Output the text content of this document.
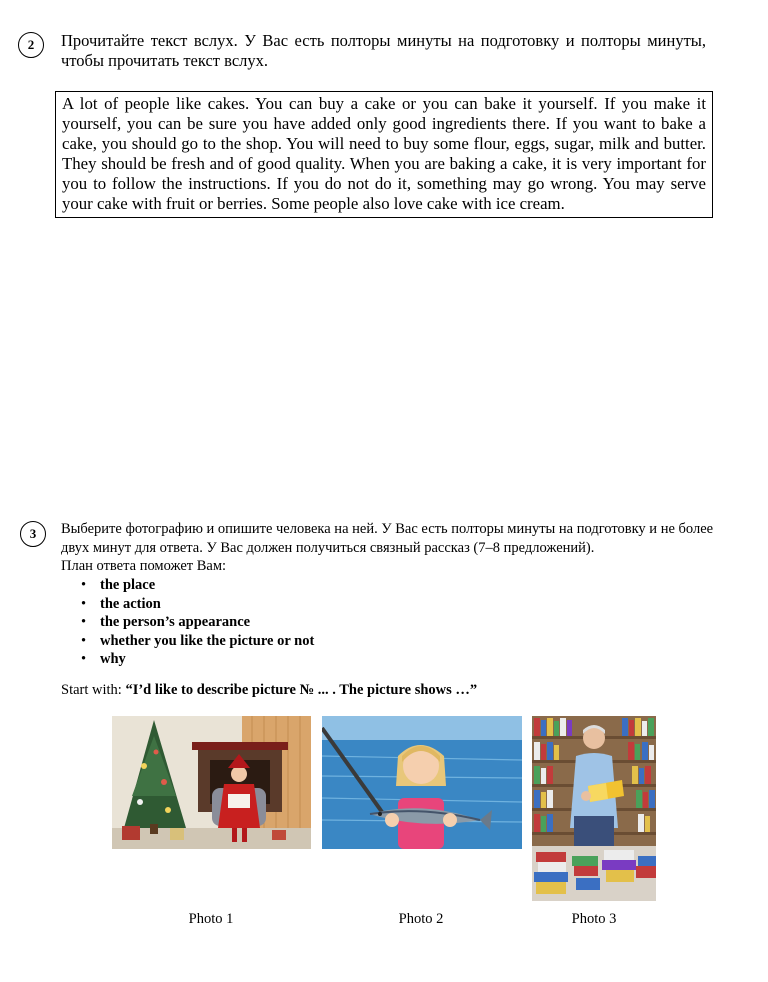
2 Прочитайте текст вслух. У Вас есть полторы минуты на подготовку и полторы минуты, чтобы прочитать текст вслух.
A lot of people like cakes. You can buy a cake or you can bake it yourself. If you make it yourself, you can be sure you have added only good ingredients there. If you want to bake a cake, you should go to the shop. You will need to buy some flour, eggs, sugar, milk and butter. They should be fresh and of good quality. When you are baking a cake, it is very important for you to follow the instructions. If you do not do it, something may go wrong. You may serve your cake with fruit or berries. Some people also love cake with ice cream.
3 Выберите фотографию и опишите человека на ней. У Вас есть полторы минуты на подготовку и не более двух минут для ответа. У Вас должен получиться связный рассказ (7–8 предложений).
План ответа поможет Вам:
• the place
• the action
• the person’s appearance
• whether you like the picture or not
• why
Start with: “I’d like to describe picture № ... . The picture shows …”
Photo 1	Photo 2	Photo 3
